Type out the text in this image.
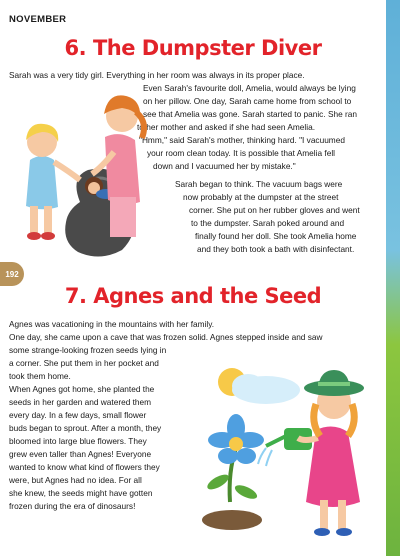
NOVEMBER
6. The Dumpster Diver
Sarah was a very tidy girl. Everything in her room was always in its proper place.
Even Sarah's favourite doll, Amelia, would always be lying
on her pillow. One day, Sarah came home from school to
see that Amelia was gone. Sarah started to panic. She ran
to her mother and asked if she had seen Amelia.
"Hmm," said Sarah's mother, thinking hard. "I vacuumed
your room clean today. It is possible that Amelia fell
down and I vacuumed her by mistake."
Sarah began to think. The vacuum bags were
now probably at the dumpster at the street
corner. She put on her rubber gloves and went
to the dumpster. Sarah poked around and
finally found her doll. She took Amelia home
and they both took a bath with disinfectant.
192
7. Agnes and the Seed
Agnes was vacationing in the mountains with her family.
One day, she came upon a cave that was frozen solid. Agnes stepped inside and saw
some strange-looking frozen seeds lying in
a corner. She put them in her pocket and
took them home.
When Agnes got home, she planted the
seeds in her garden and watered them
every day. In a few days, small flower
buds began to sprout. After a month, they
bloomed into large blue flowers. They
grew even taller than Agnes! Everyone
wanted to know what kind of flowers they
were, but Agnes had no idea. For all
she knew, the seeds might have gotten
frozen during the era of dinosaurs!
